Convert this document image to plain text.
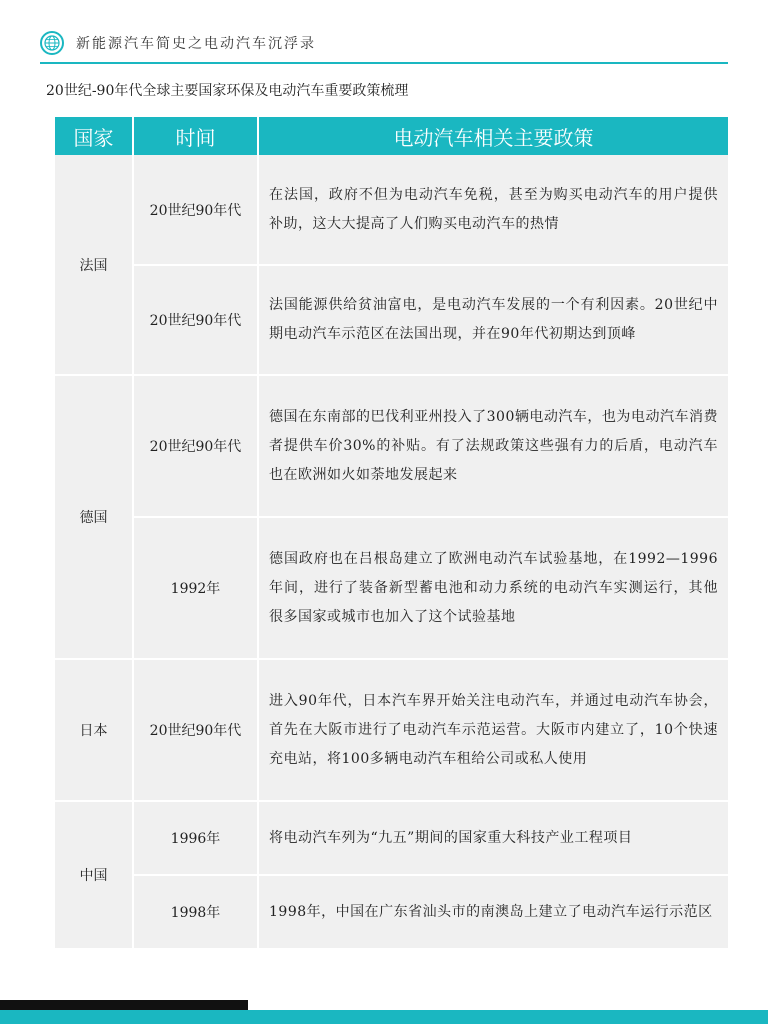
新能源汽车简史之电动汽车沉浮录
20世纪-90年代全球主要国家环保及电动汽车重要政策梳理
国家	时间	电动汽车相关主要政策
法国	20世纪90年代	在法国，政府不但为电动汽车免税，甚至为购买电动汽车的用户提供补助，这大大提高了人们购买电动汽车的热情
	20世纪90年代	法国能源供给贫油富电，是电动汽车发展的一个有利因素。20世纪中期电动汽车示范区在法国出现，并在90年代初期达到顶峰
德国	20世纪90年代	德国在东南部的巴伐利亚州投入了300辆电动汽车，也为电动汽车消费者提供车价30%的补贴。有了法规政策这些强有力的后盾，电动汽车也在欧洲如火如荼地发展起来
	1992年	德国政府也在吕根岛建立了欧洲电动汽车试验基地，在1992—1996年间，进行了装备新型蓄电池和动力系统的电动汽车实测运行，其他很多国家或城市也加入了这个试验基地
日本	20世纪90年代	进入90年代，日本汽车界开始关注电动汽车，并通过电动汽车协会，首先在大阪市进行了电动汽车示范运营。大阪市内建立了，10个快速充电站，将100多辆电动汽车租给公司或私人使用
中国	1996年	将电动汽车列为“九五”期间的国家重大科技产业工程项目
	1998年	1998年，中国在广东省汕头市的南澳岛上建立了电动汽车运行示范区
